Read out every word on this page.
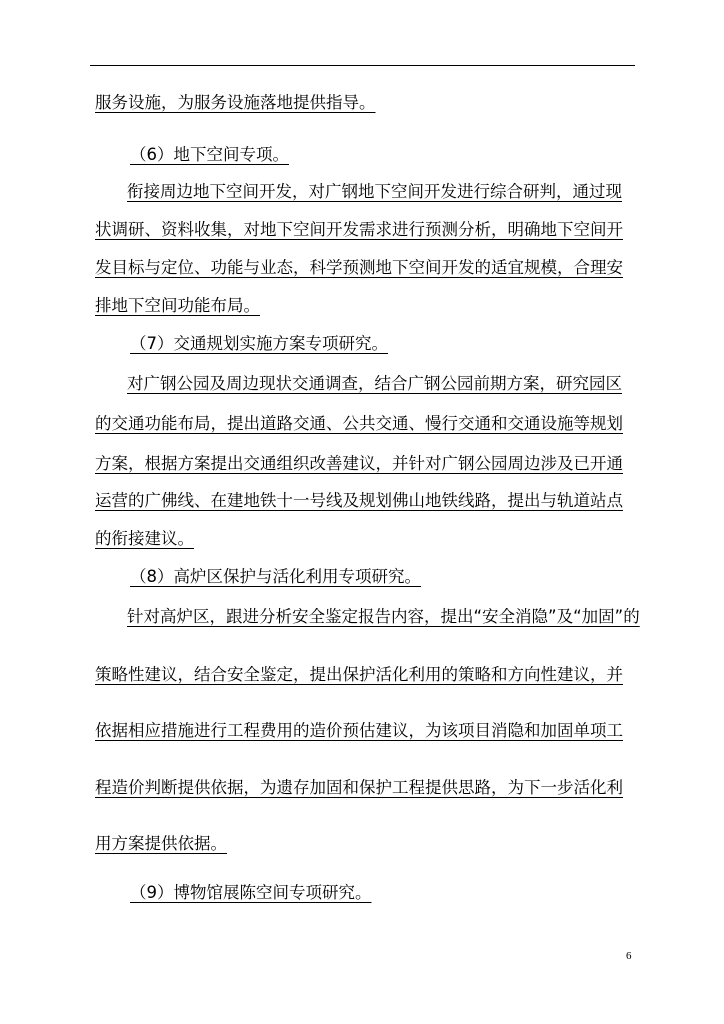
服务设施，为服务设施落地提供指导。

（6）地下空间专项。

衔接周边地下空间开发，对广钢地下空间开发进行综合研判，通过现

状调研、资料收集，对地下空间开发需求进行预测分析，明确地下空间开

发目标与定位、功能与业态，科学预测地下空间开发的适宜规模，合理安

排地下空间功能布局。

（7）交通规划实施方案专项研究。

对广钢公园及周边现状交通调查，结合广钢公园前期方案，研究园区

的交通功能布局，提出道路交通、公共交通、慢行交通和交通设施等规划

方案，根据方案提出交通组织改善建议，并针对广钢公园周边涉及已开通

运营的广佛线、在建地铁十一号线及规划佛山地铁线路，提出与轨道站点

的衔接建议。

（8）高炉区保护与活化利用专项研究。

针对高炉区，跟进分析安全鉴定报告内容，提出“安全消隐”及“加固”的

策略性建议，结合安全鉴定，提出保护活化利用的策略和方向性建议，并

依据相应措施进行工程费用的造价预估建议，为该项目消隐和加固单项工

程造价判断提供依据，为遗存加固和保护工程提供思路，为下一步活化利

用方案提供依据。

（9）博物馆展陈空间专项研究。

6
